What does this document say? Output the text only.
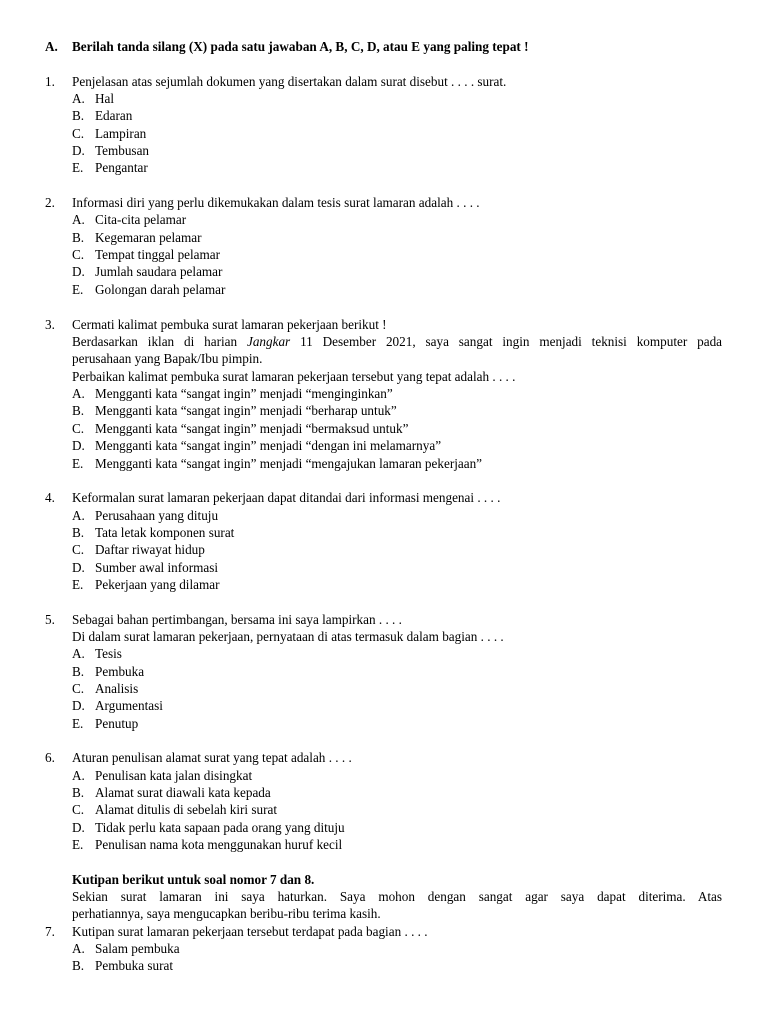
A. Berilah tanda silang (X) pada satu jawaban A, B, C, D, atau E yang paling tepat !
1. Penjelasan atas sejumlah dokumen yang disertakan dalam surat disebut . . . . surat.
A. Hal
B. Edaran
C. Lampiran
D. Tembusan
E. Pengantar
2. Informasi diri yang perlu dikemukakan dalam tesis surat lamaran adalah . . . .
A. Cita-cita pelamar
B. Kegemaran pelamar
C. Tempat tinggal pelamar
D. Jumlah saudara pelamar
E. Golongan darah pelamar
3. Cermati kalimat pembuka surat lamaran pekerjaan berikut !
Berdasarkan iklan di harian Jangkar 11 Desember 2021, saya sangat ingin menjadi teknisi komputer pada
perusahaan yang Bapak/Ibu pimpin.
Perbaikan kalimat pembuka surat lamaran pekerjaan tersebut yang tepat adalah . . . .
A. Mengganti kata “sangat ingin” menjadi “menginginkan”
B. Mengganti kata “sangat ingin” menjadi “berharap untuk”
C. Mengganti kata “sangat ingin” menjadi “bermaksud untuk”
D. Mengganti kata “sangat ingin” menjadi “dengan ini melamarnya”
E. Mengganti kata “sangat ingin” menjadi “mengajukan lamaran pekerjaan”
4. Keformalan surat lamaran pekerjaan dapat ditandai dari informasi mengenai . . . .
A. Perusahaan yang dituju
B. Tata letak komponen surat
C. Daftar riwayat hidup
D. Sumber awal informasi
E. Pekerjaan yang dilamar
5. Sebagai bahan pertimbangan, bersama ini saya lampirkan . . . .
Di dalam surat lamaran pekerjaan, pernyataan di atas termasuk dalam bagian . . . .
A. Tesis
B. Pembuka
C. Analisis
D. Argumentasi
E. Penutup
6. Aturan penulisan alamat surat yang tepat adalah . . . .
A. Penulisan kata jalan disingkat
B. Alamat surat diawali kata kepada
C. Alamat ditulis di sebelah kiri surat
D. Tidak perlu kata sapaan pada orang yang dituju
E. Penulisan nama kota menggunakan huruf kecil
Kutipan berikut untuk soal nomor 7 dan 8.
Sekian surat lamaran ini saya haturkan. Saya mohon dengan sangat agar saya dapat diterima. Atas
perhatiannya, saya mengucapkan beribu-ribu terima kasih.
7. Kutipan surat lamaran pekerjaan tersebut terdapat pada bagian . . . .
A. Salam pembuka
B. Pembuka surat
